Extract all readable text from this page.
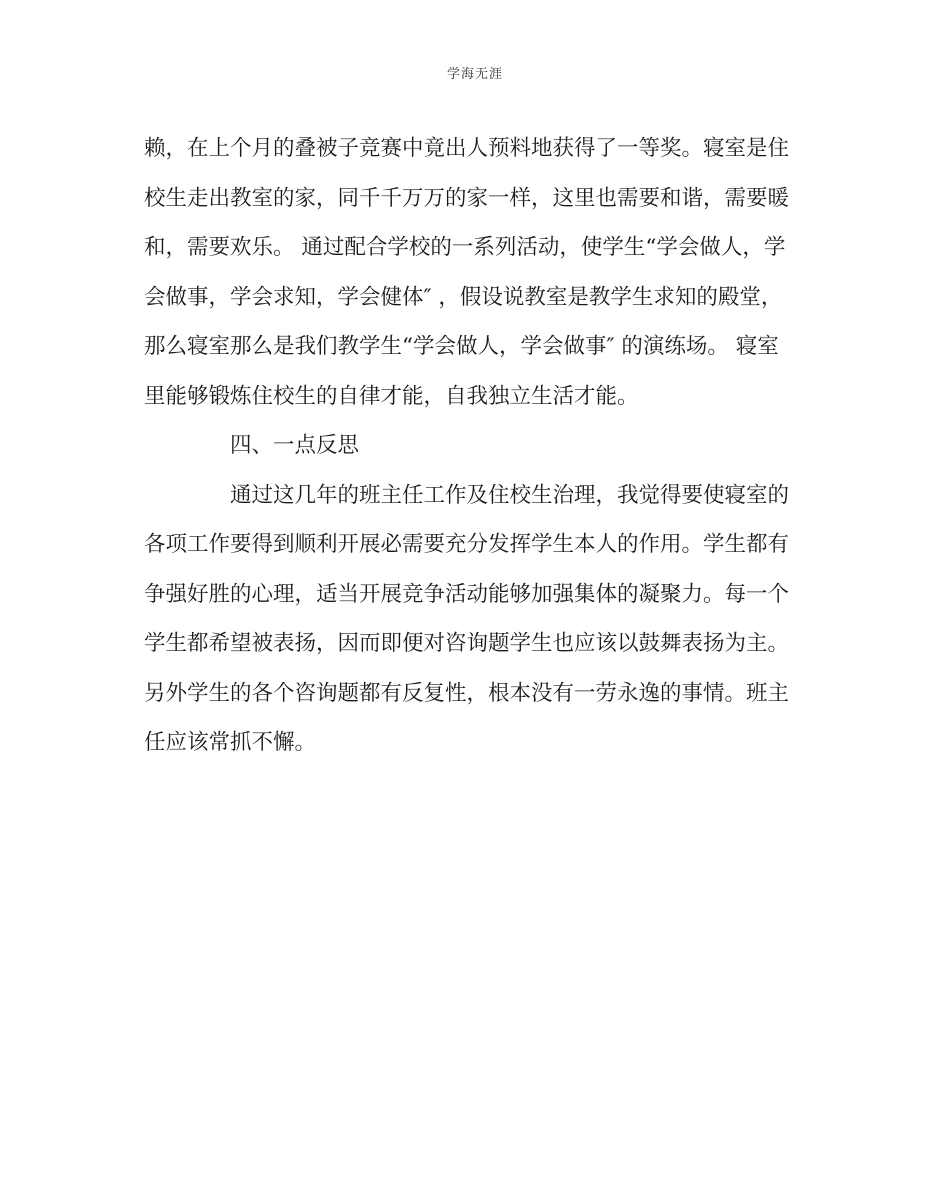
学海无涯
赖，在上个月的叠被子竞赛中竟出人预料地获得了一等奖。寝室是住
校生走出教室的家，同千千万万的家一样，这里也需要和谐，需要暖
和，需要欢乐。 通过配合学校的一系列活动，使学生“学会做人，学
会做事，学会求知，学会健体″ ，假设说教室是教学生求知的殿堂，
那么寝室那么是我们教学生“学会做人，学会做事″ 的演练场。 寝室
里能够锻炼住校生的自律才能，自我独立生活才能。
四、一点反思
通过这几年的班主任工作及住校生治理，我觉得要使寝室的
各项工作要得到顺利开展必需要充分发挥学生本人的作用。学生都有
争强好胜的心理，适当开展竞争活动能够加强集体的凝聚力。每一个
学生都希望被表扬，因而即便对咨询题学生也应该以鼓舞表扬为主。
另外学生的各个咨询题都有反复性，根本没有一劳永逸的事情。班主
任应该常抓不懈。
